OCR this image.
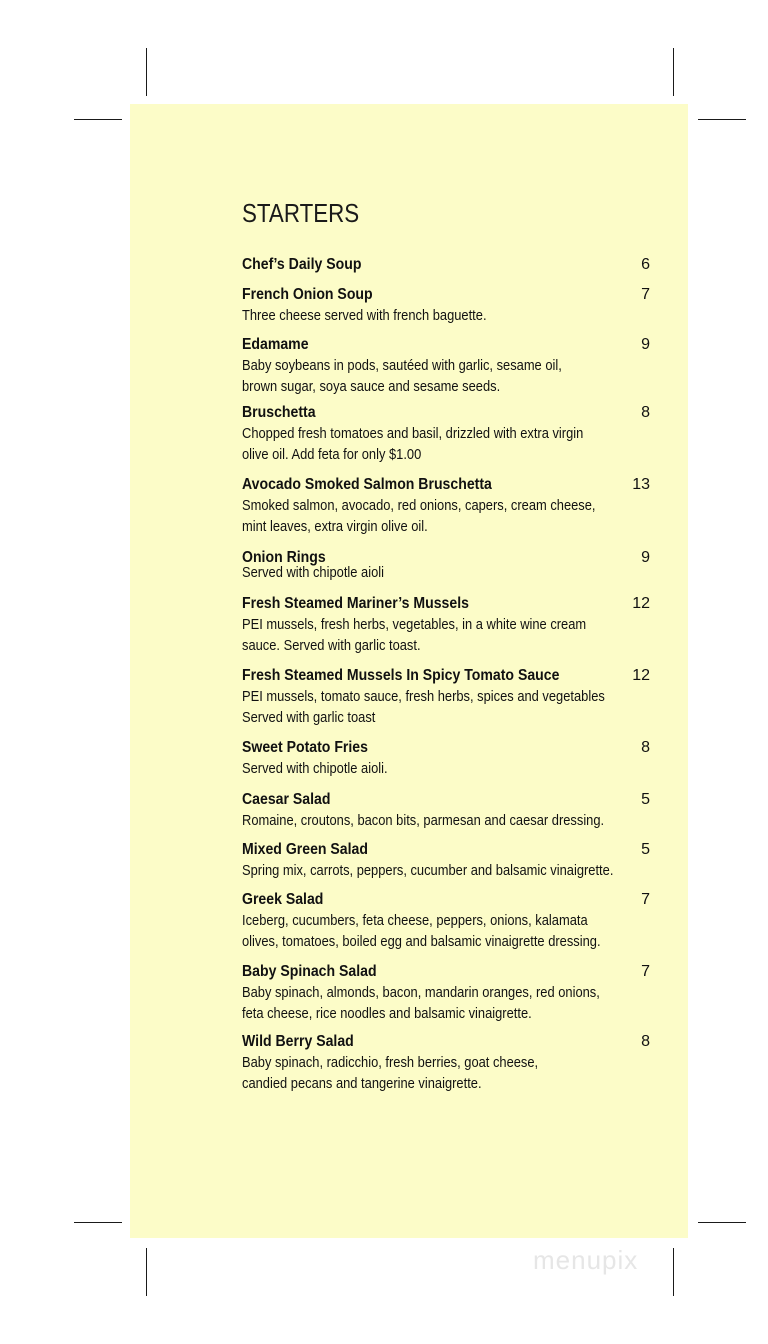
STARTERS
Chef’s Daily Soup	6
French Onion Soup	7
Three cheese served with french baguette.
Edamame	9
Baby soybeans in pods, sautéed with garlic, sesame oil,
brown sugar, soya sauce and sesame seeds.
Bruschetta	8
Chopped fresh tomatoes and basil, drizzled with extra virgin
olive oil. Add feta for only $1.00
Avocado Smoked Salmon Bruschetta	13
Smoked salmon, avocado, red onions, capers, cream cheese,
mint leaves, extra virgin olive oil.
Onion Rings	9
Served with chipotle aioli
Fresh Steamed Mariner’s Mussels	12
PEI mussels, fresh herbs, vegetables, in a white wine cream
sauce. Served with garlic toast.
Fresh Steamed Mussels In Spicy Tomato Sauce	12
PEI mussels, tomato sauce, fresh herbs, spices and vegetables
Served with garlic toast
Sweet Potato Fries	8
Served with chipotle aioli.
Caesar Salad	5
Romaine, croutons, bacon bits, parmesan and caesar dressing.
Mixed Green Salad	5
Spring mix, carrots, peppers, cucumber and balsamic vinaigrette.
Greek Salad	7
Iceberg, cucumbers, feta cheese, peppers, onions, kalamata
olives, tomatoes, boiled egg and balsamic vinaigrette dressing.
Baby Spinach Salad	7
Baby spinach, almonds, bacon, mandarin oranges, red onions,
feta cheese, rice noodles and balsamic vinaigrette.
Wild Berry Salad	8
Baby spinach, radicchio, fresh berries, goat cheese,
candied pecans and tangerine vinaigrette.
menupix
